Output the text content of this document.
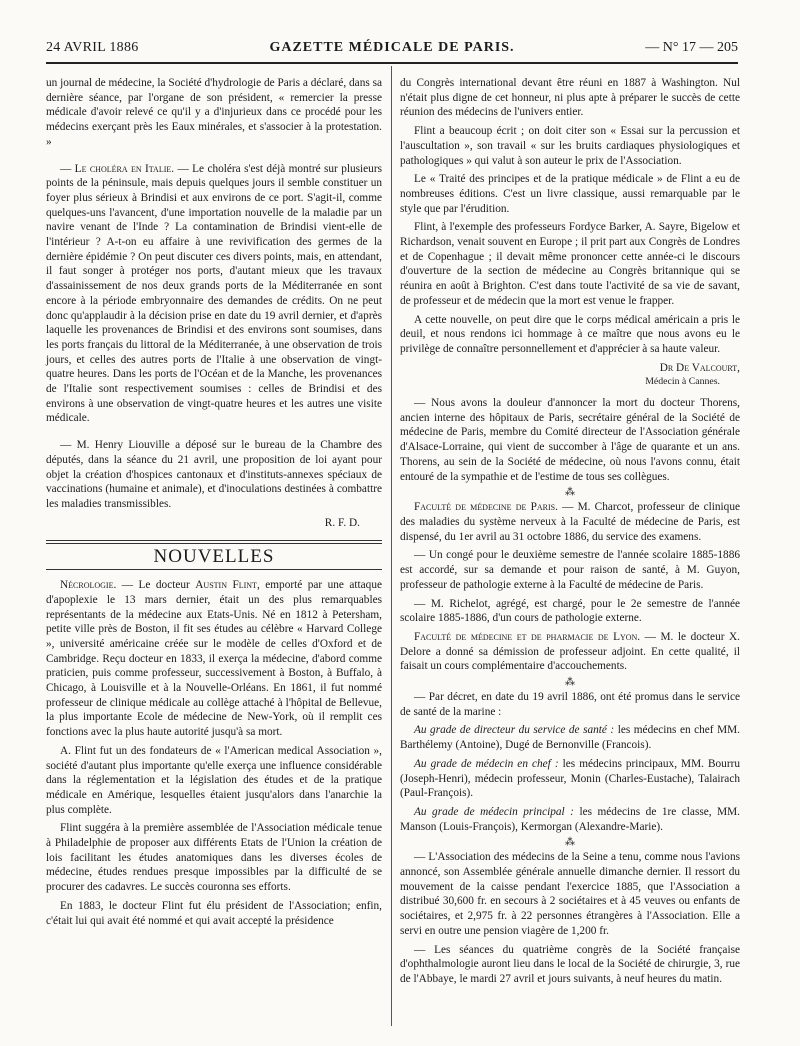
24 AVRIL 1886	GAZETTE MÉDICALE DE PARIS.	— N° 17 — 205

un journal de médecine, la Société d'hydrologie de Paris a déclaré, dans sa dernière séance, par l'organe de son président, « remercier la presse médicale d'avoir relevé ce qu'il y a d'injurieux dans ce procédé pour les médecins exerçant près les Eaux minérales, et s'associer à la protestation. »

— Le choléra en Italie. — Le choléra s'est déjà montré sur plusieurs points de la péninsule, mais depuis quelques jours il semble constituer un foyer plus sérieux à Brindisi et aux environs de ce port. S'agit-il, comme quelques-uns l'avancent, d'une importation nouvelle de la maladie par un navire venant de l'Inde ? La contamination de Brindisi vient-elle de l'intérieur ? A-t-on eu affaire à une revivification des germes de la dernière épidémie ? On peut discuter ces divers points, mais, en attendant, il faut songer à protéger nos ports, d'autant mieux que les travaux d'assainissement de nos deux grands ports de la Méditerranée en sont encore à la période embryonnaire des demandes de crédits. On ne peut donc qu'applaudir à la décision prise en date du 19 avril dernier, et d'après laquelle les provenances de Brindisi et des environs sont soumises, dans les ports français du littoral de la Méditerranée, à une observation de trois jours, et celles des autres ports de l'Italie à une observation de vingt-quatre heures. Dans les ports de l'Océan et de la Manche, les provenances de l'Italie sont respectivement soumises : celles de Brindisi et des environs à une observation de vingt-quatre heures et les autres une visite médicale.

— M. Henry Liouville a déposé sur le bureau de la Chambre des députés, dans la séance du 21 avril, une proposition de loi ayant pour objet la création d'hospices cantonaux et d'instituts-annexes spéciaux de vaccinations (humaine et animale), et d'inoculations destinées à combattre les maladies transmissibles.

R. F. D.

NOUVELLES

Nécrologie. — Le docteur Austin Flint, emporté par une attaque d'apoplexie le 13 mars dernier, était un des plus remarquables représentants de la médecine aux Etats-Unis. Né en 1812 à Petersham, petite ville près de Boston, il fit ses études au célèbre « Harvard College », université américaine créée sur le modèle de celles d'Oxford et de Cambridge. Reçu docteur en 1833, il exerça la médecine, d'abord comme praticien, puis comme professeur, successivement à Boston, à Buffalo, à Chicago, à Louisville et à la Nouvelle-Orléans. En 1861, il fut nommé professeur de clinique médicale au collège attaché à l'hôpital de Bellevue, la plus importante Ecole de médecine de New-York, où il remplit ces fonctions avec la plus haute autorité jusqu'à sa mort.

A. Flint fut un des fondateurs de « l'American medical Association », société d'autant plus importante qu'elle exerça une influence considérable dans la réglementation et la législation des études et de la pratique médicale en Amérique, lesquelles étaient jusqu'alors dans l'anarchie la plus complète.

Flint suggéra à la première assemblée de l'Association médicale tenue à Philadelphie de proposer aux différents Etats de l'Union la création de lois facilitant les études anatomiques dans les diverses écoles de médecine, études rendues presque impossibles par la difficulté de se procurer des cadavres. Le succès couronna ses efforts.

En 1883, le docteur Flint fut élu président de l'Association; enfin, c'était lui qui avait été nommé et qui avait accepté la présidence

du Congrès international devant être réuni en 1887 à Washington. Nul n'était plus digne de cet honneur, ni plus apte à préparer le succès de cette réunion des médecins de l'univers entier.

Flint a beaucoup écrit ; on doit citer son « Essai sur la percussion et l'auscultation », son travail « sur les bruits cardiaques physiologiques et pathologiques » qui valut à son auteur le prix de l'Association.

Le « Traité des principes et de la pratique médicale » de Flint a eu de nombreuses éditions. C'est un livre classique, aussi remarquable par le style que par l'érudition.

Flint, à l'exemple des professeurs Fordyce Barker, A. Sayre, Bigelow et Richardson, venait souvent en Europe ; il prit part aux Congrès de Londres et de Copenhague ; il devait même prononcer cette année-ci le discours d'ouverture de la section de médecine au Congrès britannique qui se réunira en août à Brighton. C'est dans toute l'activité de sa vie de savant, de professeur et de médecin que la mort est venue le frapper.

A cette nouvelle, on peut dire que le corps médical américain a pris le deuil, et nous rendons ici hommage à ce maître que nous avons eu le privilège de connaître personnellement et d'apprécier à sa haute valeur.

Dr De Valcourt,
Médecin à Cannes.

— Nous avons la douleur d'annoncer la mort du docteur Thorens, ancien interne des hôpitaux de Paris, secrétaire général de la Société de médecine de Paris, membre du Comité directeur de l'Association générale d'Alsace-Lorraine, qui vient de succomber à l'âge de quarante et un ans. Thorens, au sein de la Société de médecine, où nous l'avons connu, était entouré de la sympathie et de l'estime de tous ses collègues.

⁂

Faculté de médecine de Paris. — M. Charcot, professeur de clinique des maladies du système nerveux à la Faculté de médecine de Paris, est dispensé, du 1er avril au 31 octobre 1886, du service des examens.

— Un congé pour le deuxième semestre de l'année scolaire 1885-1886 est accordé, sur sa demande et pour raison de santé, à M. Guyon, professeur de pathologie externe à la Faculté de médecine de Paris.

— M. Richelot, agrégé, est chargé, pour le 2e semestre de l'année scolaire 1885-1886, d'un cours de pathologie externe.

Faculté de médecine et de pharmacie de Lyon. — M. le docteur X. Delore a donné sa démission de professeur adjoint. En cette qualité, il faisait un cours complémentaire d'accouchements.

⁂

— Par décret, en date du 19 avril 1886, ont été promus dans le service de santé de la marine :

Au grade de directeur du service de santé : les médecins en chef MM. Barthélemy (Antoine), Dugé de Bernonville (Francois).

Au grade de médecin en chef : les médecins principaux, MM. Bourru (Joseph-Henri), médecin professeur, Monin (Charles-Eustache), Talairach (Paul-François).

Au grade de médecin principal : les médecins de 1re classe, MM. Manson (Louis-François), Kermorgan (Alexandre-Marie).

⁂

— L'Association des médecins de la Seine a tenu, comme nous l'avions annoncé, son Assemblée générale annuelle dimanche dernier. Il ressort du mouvement de la caisse pendant l'exercice 1885, que l'Association a distribué 30,600 fr. en secours à 2 sociétaires et à 45 veuves ou enfants de sociétaires, et 2,975 fr. à 22 personnes étrangères à l'Association. Elle a servi en outre une pension viagère de 1,200 fr.

— Les séances du quatrième congrès de la Société française d'ophthalmologie auront lieu dans le local de la Société de chirurgie, 3, rue de l'Abbaye, le mardi 27 avril et jours suivants, à neuf heures du matin.
